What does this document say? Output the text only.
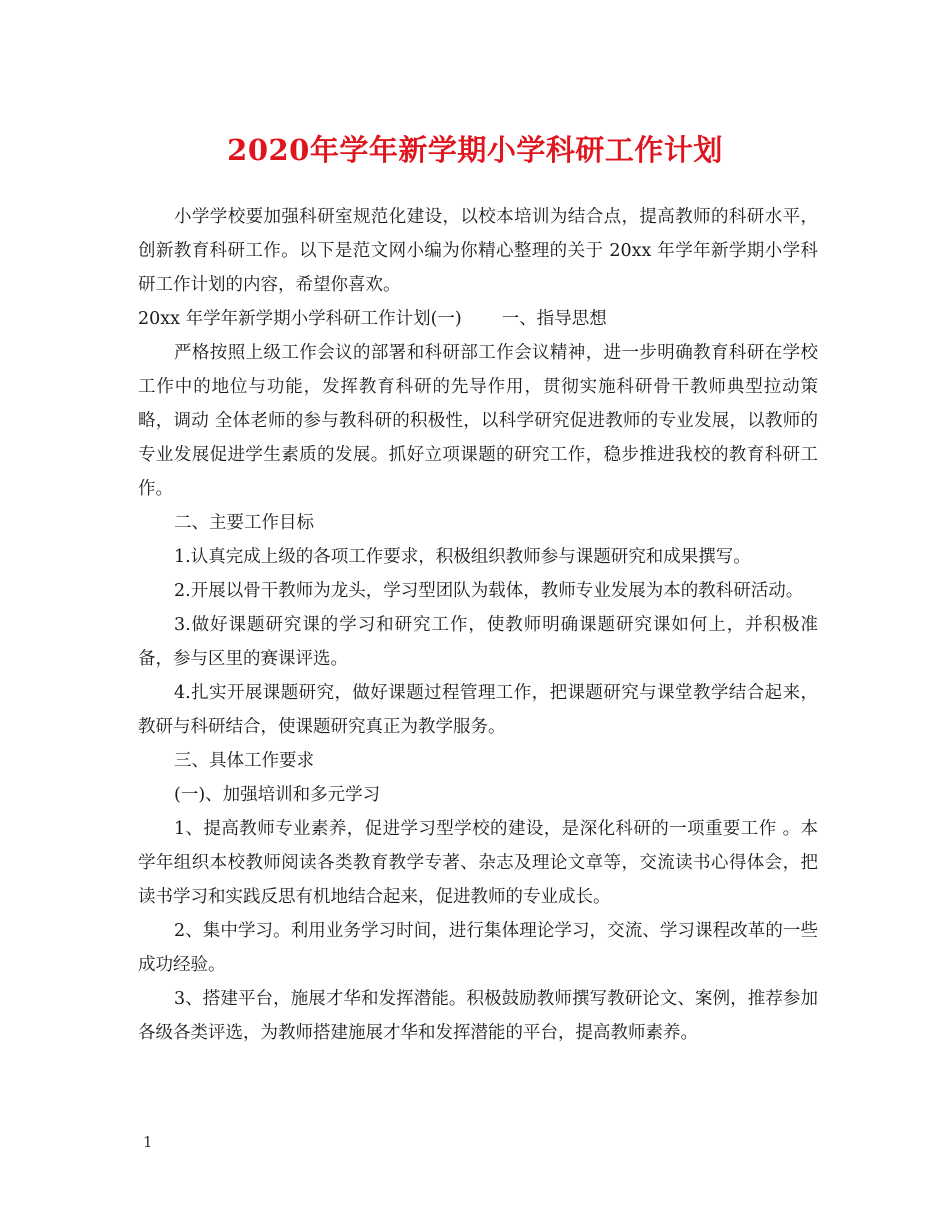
2020年学年新学期小学科研工作计划

小学学校要加强科研室规范化建设，以校本培训为结合点，提高教师的科研水平，创新教育科研工作。以下是范文网小编为你精心整理的关于 20xx 年学年新学期小学科研工作计划的内容，希望你喜欢。

20xx 年学年新学期小学科研工作计划(一) 一、指导思想

严格按照上级工作会议的部署和科研部工作会议精神，进一步明确教育科研在学校工作中的地位与功能，发挥教育科研的先导作用，贯彻实施科研骨干教师典型拉动策略，调动 全体老师的参与教科研的积极性，以科学研究促进教师的专业发展，以教师的专业发展促进学生素质的发展。抓好立项课题的研究工作，稳步推进我校的教育科研工作。

二、主要工作目标

1.认真完成上级的各项工作要求，积极组织教师参与课题研究和成果撰写。

2.开展以骨干教师为龙头，学习型团队为载体，教师专业发展为本的教科研活动。

3.做好课题研究课的学习和研究工作，使教师明确课题研究课如何上，并积极准备，参与区里的赛课评选。

4.扎实开展课题研究，做好课题过程管理工作，把课题研究与课堂教学结合起来，教研与科研结合，使课题研究真正为教学服务。

三、具体工作要求

(一)、加强培训和多元学习

1、提高教师专业素养，促进学习型学校的建设，是深化科研的一项重要工作 。本学年组织本校教师阅读各类教育教学专著、杂志及理论文章等，交流读书心得体会，把读书学习和实践反思有机地结合起来，促进教师的专业成长。

2、集中学习。利用业务学习时间，进行集体理论学习，交流、学习课程改革的一些成功经验。

3、搭建平台，施展才华和发挥潜能。积极鼓励教师撰写教研论文、案例，推荐参加各级各类评选，为教师搭建施展才华和发挥潜能的平台，提高教师素养。

1
